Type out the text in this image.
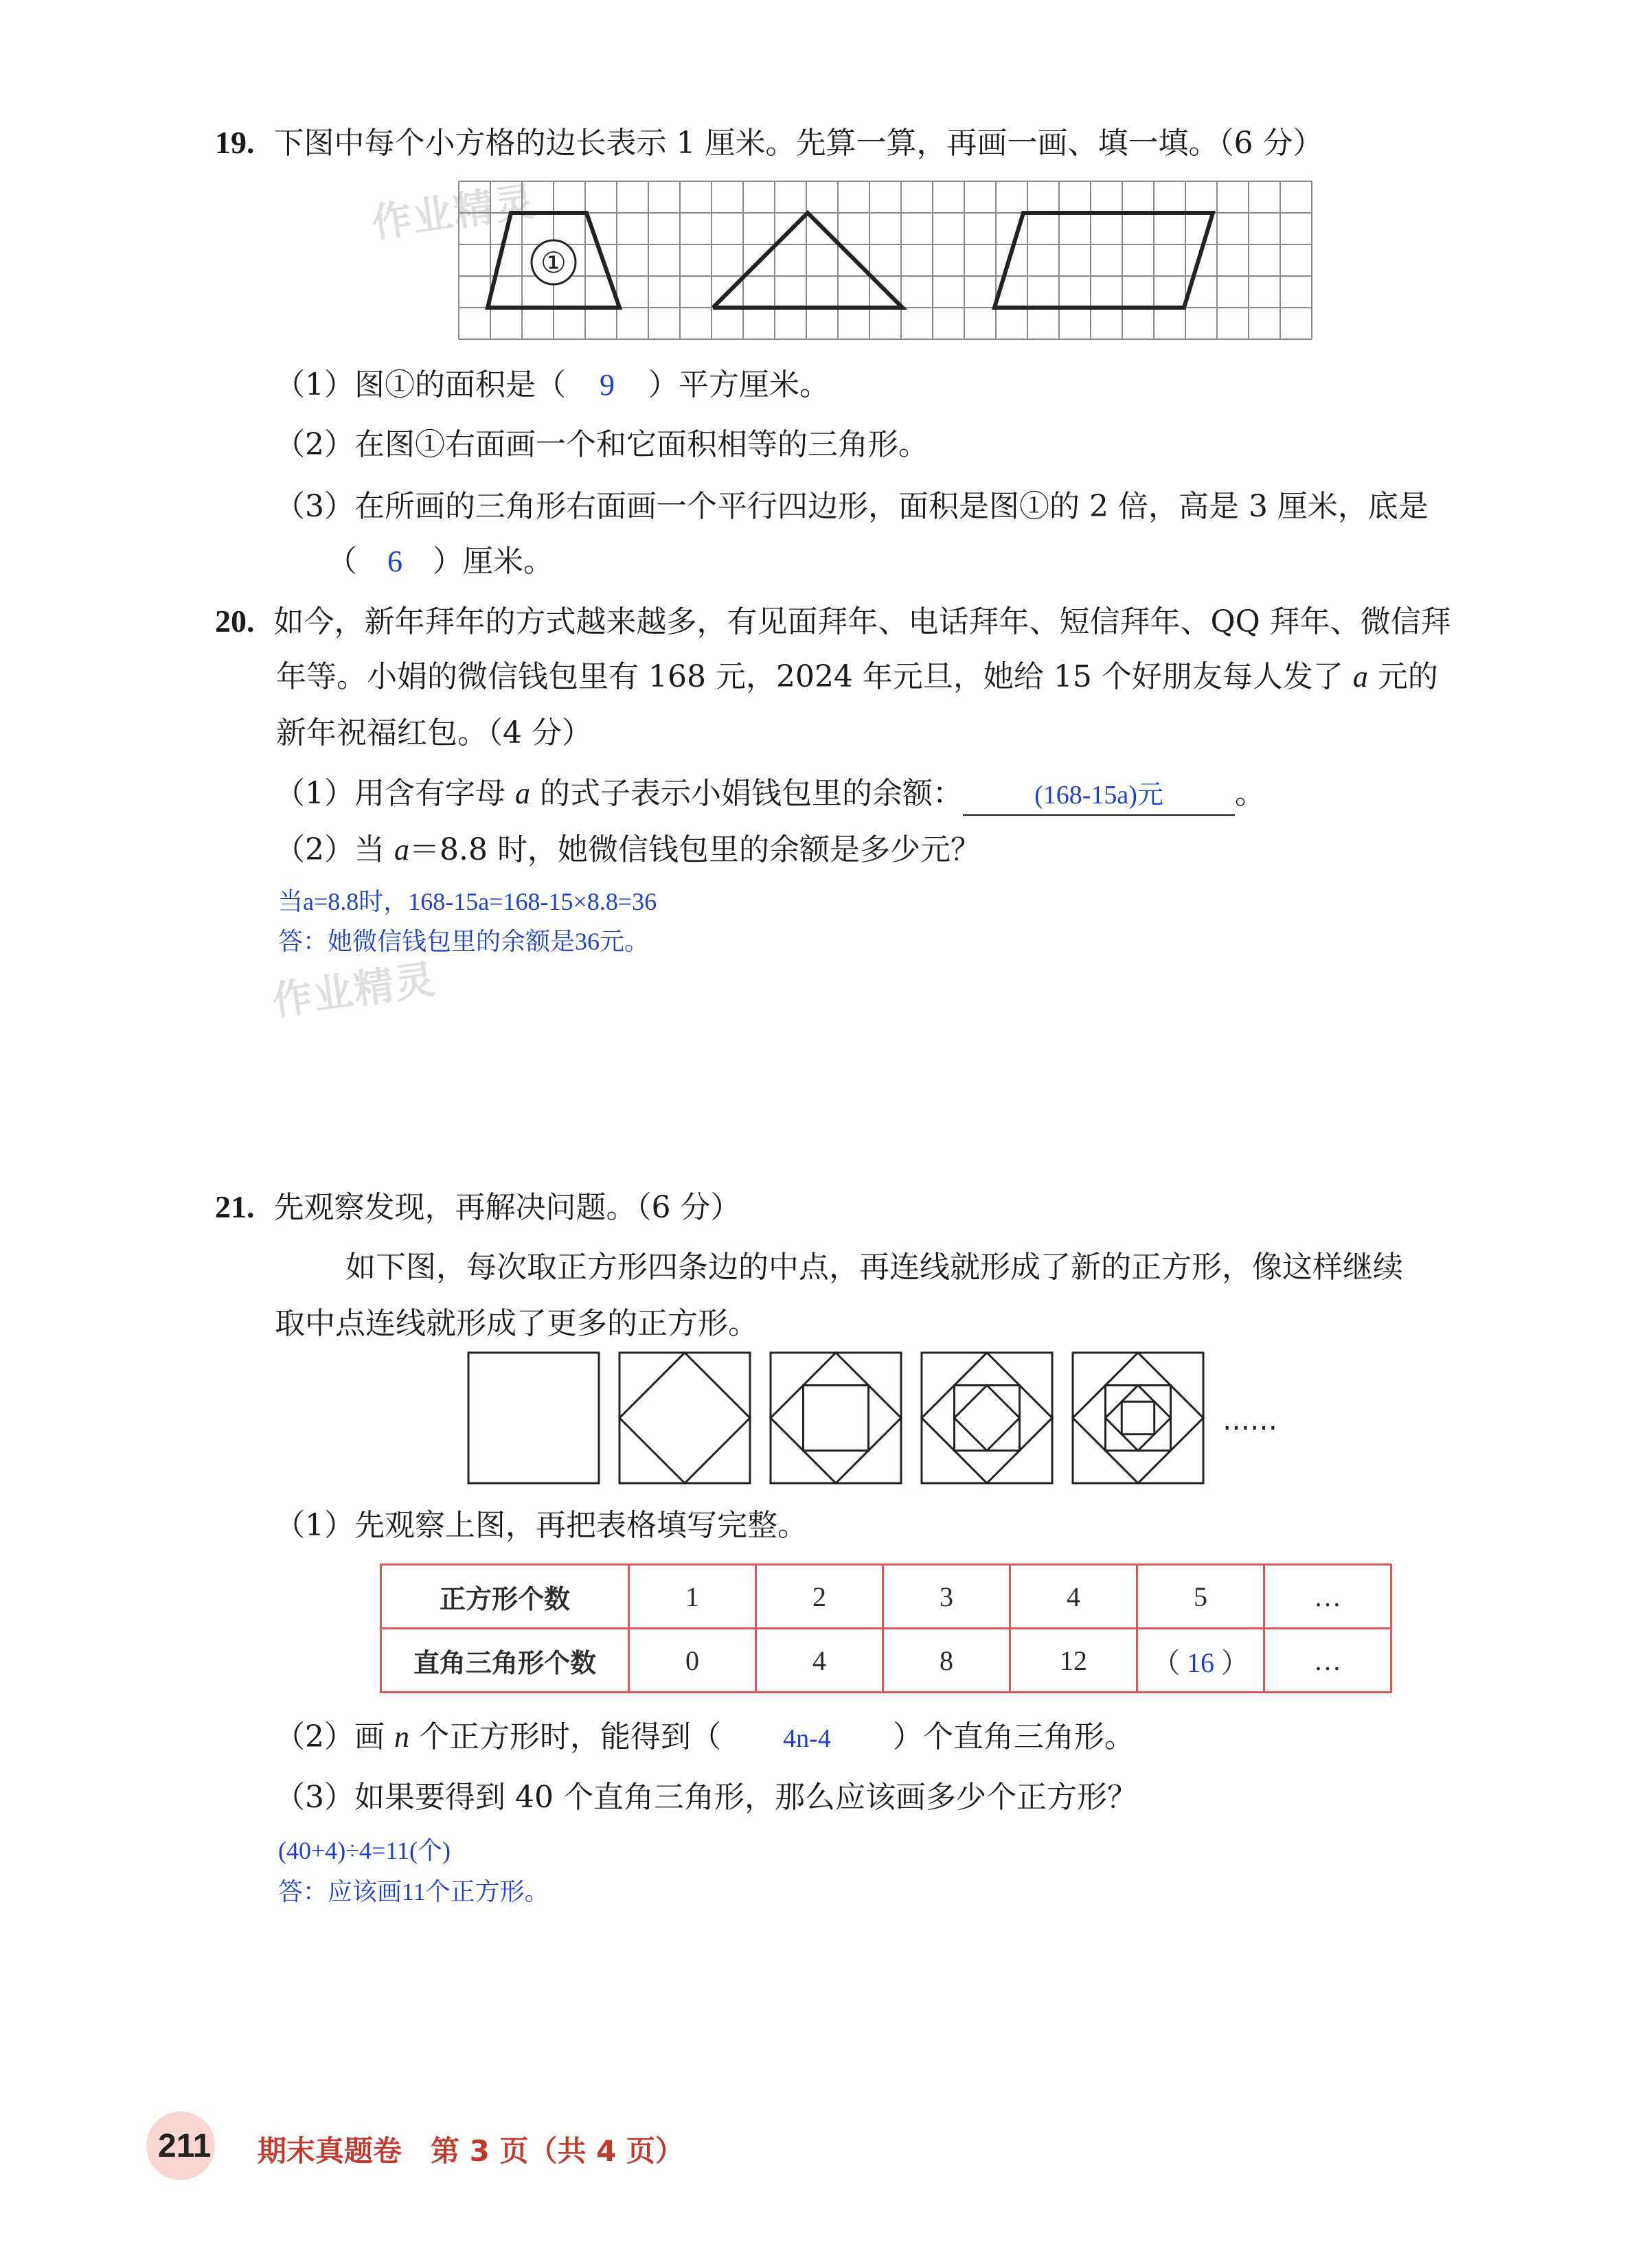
19. 下图中每个小方格的边长表示 1 厘米。先算一算，再画一画、填一填。（6 分）
作业精灵
①
（1）图①的面积是（ 9 ）平方厘米。
（2）在图①右面画一个和它面积相等的三角形。
（3）在所画的三角形右面画一个平行四边形，面积是图①的 2 倍，高是 3 厘米，底是
（ 6 ）厘米。
20. 如今，新年拜年的方式越来越多，有见面拜年、电话拜年、短信拜年、QQ 拜年、微信拜
年等。小娟的微信钱包里有 168 元，2024 年元旦，她给 15 个好朋友每人发了 a 元的
新年祝福红包。（4 分）
（1）用含有字母 a 的式子表示小娟钱包里的余额：	(168-15a)元 。
（2）当 a＝8.8 时，她微信钱包里的余额是多少元？
当a=8.8时，168-15a=168-15×8.8=36
答：她微信钱包里的余额是36元。
作业精灵
21. 先观察发现，再解决问题。（6 分）
如下图，每次取正方形四条边的中点，再连线就形成了新的正方形，像这样继续
取中点连线就形成了更多的正方形。
……
（1）先观察上图，再把表格填写完整。
正方形个数	1	2	3	4	5	…
直角三角形个数	0	4	8	12	（ 16 ）	…
（2）画 n 个正方形时，能得到（ 4n-4 ）个直角三角形。
（3）如果要得到 40 个直角三角形，那么应该画多少个正方形？
(40+4)÷4=11(个)
答：应该画11个正方形。
211 期末真题卷　第 3 页（共 4 页）
